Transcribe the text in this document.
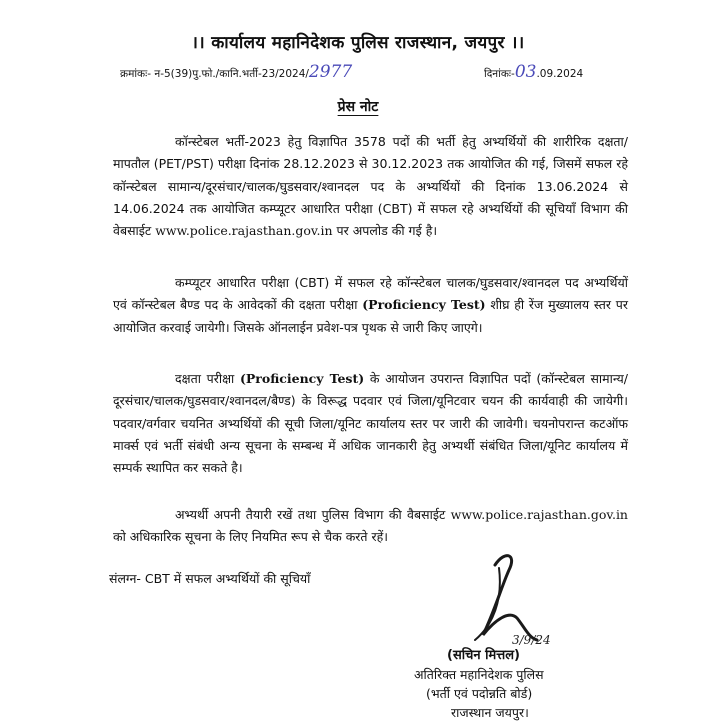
।। कार्यालय महानिदेशक पुलिस राजस्थान, जयपुर ।।
क्रमांकः- न-5(39)पु.फो./कानि.भर्ती-23/2024/2977	दिनांकः-03.09.2024
प्रेस नोट
कॉन्स्टेबल भर्ती-2023 हेतु विज्ञापित 3578 पदों की भर्ती हेतु अभ्यर्थियों की शारीरिक दक्षता/मापतौल (PET/PST) परीक्षा दिनांक 28.12.2023 से 30.12.2023 तक आयोजित की गई, जिसमें सफल रहे कॉन्स्टेबल सामान्य/दूरसंचार/चालक/घुडसवार/श्वानदल पद के अभ्यर्थियों की दिनांक 13.06.2024 से 14.06.2024 तक आयोजित कम्प्यूटर आधारित परीक्षा (CBT) में सफल रहे अभ्यर्थियों की सूचियाँ विभाग की वेबसाईट www.police.rajasthan.gov.in पर अपलोड की गई है।
कम्प्यूटर आधारित परीक्षा (CBT) में सफल रहे कॉन्स्टेबल चालक/घुडसवार/श्वानदल पद अभ्यर्थियों एवं कॉन्स्टेबल बैण्ड पद के आवेदकों की दक्षता परीक्षा (Proficiency Test) शीघ्र ही रेंज मुख्यालय स्तर पर आयोजित करवाई जायेगी। जिसके ऑनलाईन प्रवेश-पत्र पृथक से जारी किए जाएगे।
दक्षता परीक्षा (Proficiency Test) के आयोजन उपरान्त विज्ञापित पदों (कॉन्स्टेबल सामान्य/दूरसंचार/चालक/घुडसवार/श्वानदल/बैण्ड) के विरूद्ध पदवार एवं जिला/यूनिटवार चयन की कार्यवाही की जायेगी। पदवार/वर्गवार चयनित अभ्यर्थियों की सूची जिला/यूनिट कार्यालय स्तर पर जारी की जावेगी। चयनोपरान्त कटऑफ मार्क्स एवं भर्ती संबंधी अन्य सूचना के सम्बन्ध में अधिक जानकारी हेतु अभ्यर्थी संबंधित जिला/यूनिट कार्यालय में सम्पर्क स्थापित कर सकते है।
अभ्यर्थी अपनी तैयारी रखें तथा पुलिस विभाग की वैबसाईट www.police.rajasthan.gov.in को अधिकारिक सूचना के लिए नियमित रूप से चैक करते रहें।
संलग्न- CBT में सफल अभ्यर्थियों की सूचियाँ
3/9/24
(सचिन मित्तल)
अतिरिक्त महानिदेशक पुलिस
(भर्ती एवं पदोन्नति बोर्ड)
राजस्थान जयपुर।
